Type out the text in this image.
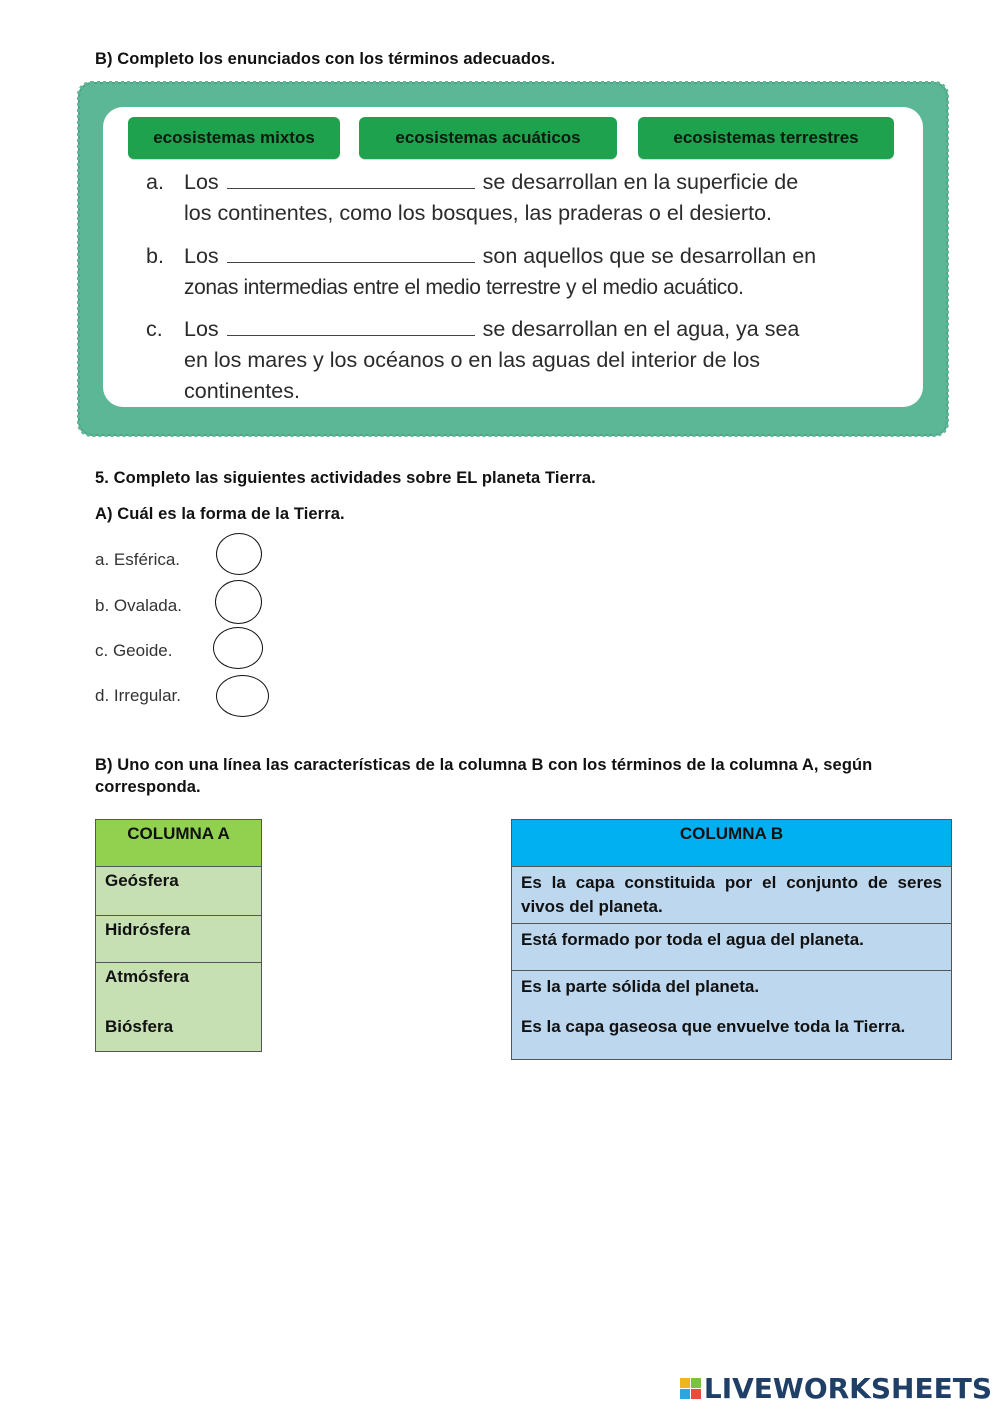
B) Completo los enunciados con los términos adecuados.
ecosistemas mixtos	ecosistemas acuáticos	ecosistemas terrestres
a. Los	se desarrollan en la superficie de
los continentes, como los bosques, las praderas o el desierto.
b. Los	son aquellos que se desarrollan en
zonas intermedias entre el medio terrestre y el medio acuático.
c. Los	se desarrollan en el agua, ya sea
en los mares y los océanos o en las aguas del interior de los
continentes.
5. Completo las siguientes actividades sobre EL planeta Tierra.
A) Cuál es la forma de la Tierra.
a. Esférica.
b. Ovalada.
c. Geoide.
d. Irregular.
B) Uno con una línea las características de la columna B con los términos de la columna A, según corresponda.
COLUMNA A
Geósfera
Hidrósfera

Atmósfera
Biósfera
COLUMNA B
Es la capa constituida por el conjunto de seres vivos del planeta.
Está formado por toda el agua del planeta.

Es la parte sólida del planeta.
Es la capa gaseosa que envuelve toda la Tierra.
LIVEWORKSHEETS
